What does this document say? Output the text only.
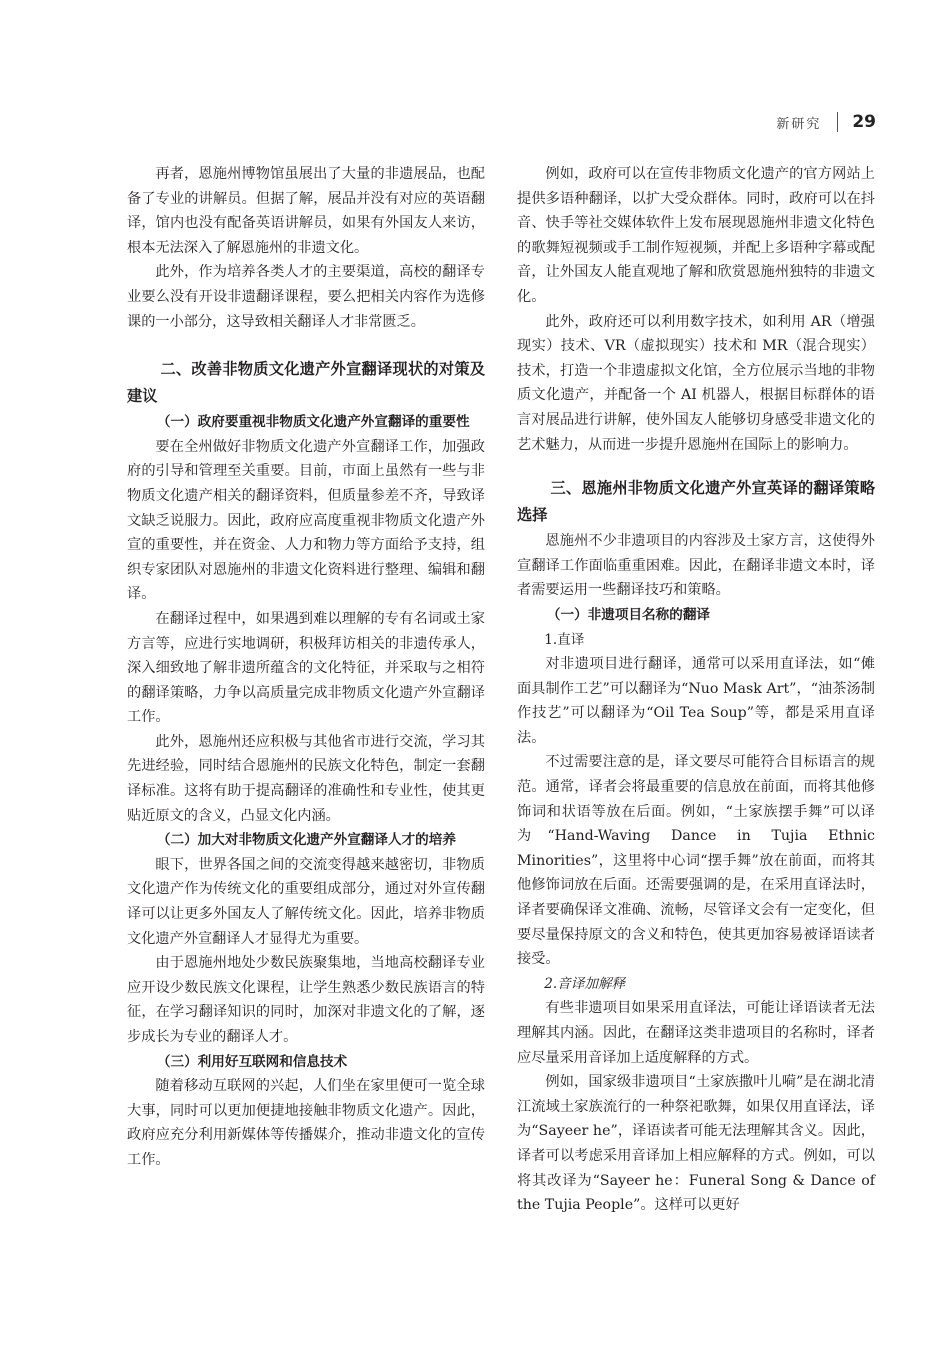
新研究 29

再者，恩施州博物馆虽展出了大量的非遗展品，也配备了专业的讲解员。但据了解，展品并没有对应的英语翻译，馆内也没有配备英语讲解员，如果有外国友人来访，根本无法深入了解恩施州的非遗文化。

此外，作为培养各类人才的主要渠道，高校的翻译专业要么没有开设非遗翻译课程，要么把相关内容作为选修课的一小部分，这导致相关翻译人才非常匮乏。

二、改善非物质文化遗产外宣翻译现状的对策及建议
（一）政府要重视非物质文化遗产外宣翻译的重要性

要在全州做好非物质文化遗产外宣翻译工作，加强政府的引导和管理至关重要。目前，市面上虽然有一些与非物质文化遗产相关的翻译资料，但质量参差不齐，导致译文缺乏说服力。因此，政府应高度重视非物质文化遗产外宣的重要性，并在资金、人力和物力等方面给予支持，组织专家团队对恩施州的非遗文化资料进行整理、编辑和翻译。

在翻译过程中，如果遇到难以理解的专有名词或土家方言等，应进行实地调研，积极拜访相关的非遗传承人，深入细致地了解非遗所蕴含的文化特征，并采取与之相符的翻译策略，力争以高质量完成非物质文化遗产外宣翻译工作。

此外，恩施州还应积极与其他省市进行交流，学习其先进经验，同时结合恩施州的民族文化特色，制定一套翻译标准。这将有助于提高翻译的准确性和专业性，使其更贴近原文的含义，凸显文化内涵。

（二）加大对非物质文化遗产外宣翻译人才的培养

眼下，世界各国之间的交流变得越来越密切，非物质文化遗产作为传统文化的重要组成部分，通过对外宣传翻译可以让更多外国友人了解传统文化。因此，培养非物质文化遗产外宣翻译人才显得尤为重要。

由于恩施州地处少数民族聚集地，当地高校翻译专业应开设少数民族文化课程，让学生熟悉少数民族语言的特征，在学习翻译知识的同时，加深对非遗文化的了解，逐步成长为专业的翻译人才。

（三）利用好互联网和信息技术

随着移动互联网的兴起，人们坐在家里便可一览全球大事，同时可以更加便捷地接触非物质文化遗产。因此，政府应充分利用新媒体等传播媒介，推动非遗文化的宣传工作。

例如，政府可以在宣传非物质文化遗产的官方网站上提供多语种翻译，以扩大受众群体。同时，政府可以在抖音、快手等社交媒体软件上发布展现恩施州非遗文化特色的歌舞短视频或手工制作短视频，并配上多语种字幕或配音，让外国友人能直观地了解和欣赏恩施州独特的非遗文化。

此外，政府还可以利用数字技术，如利用 AR（增强现实）技术、VR（虚拟现实）技术和 MR（混合现实）技术，打造一个非遗虚拟文化馆，全方位展示当地的非物质文化遗产，并配备一个 AI 机器人，根据目标群体的语言对展品进行讲解，使外国友人能够切身感受非遗文化的艺术魅力，从而进一步提升恩施州在国际上的影响力。

三、恩施州非物质文化遗产外宣英译的翻译策略选择

恩施州不少非遗项目的内容涉及土家方言，这使得外宣翻译工作面临重重困难。因此，在翻译非遗文本时，译者需要运用一些翻译技巧和策略。

（一）非遗项目名称的翻译
1.直译

对非遗项目进行翻译，通常可以采用直译法，如“傩面具制作工艺”可以翻译为“Nuo Mask Art”，“油茶汤制作技艺”可以翻译为“Oil Tea Soup”等，都是采用直译法。

不过需要注意的是，译文要尽可能符合目标语言的规范。通常，译者会将最重要的信息放在前面，而将其他修饰词和状语等放在后面。例如，“土家族摆手舞”可以译为“Hand-Waving Dance in Tujia Ethnic Minorities”，这里将中心词“摆手舞”放在前面，而将其他修饰词放在后面。还需要强调的是，在采用直译法时，译者要确保译文准确、流畅，尽管译文会有一定变化，但要尽量保持原文的含义和特色，使其更加容易被译语读者接受。

2.音译加解释

有些非遗项目如果采用直译法，可能让译语读者无法理解其内涵。因此，在翻译这类非遗项目的名称时，译者应尽量采用音译加上适度解释的方式。

例如，国家级非遗项目“土家族撒叶儿嗬”是在湖北清江流域土家族流行的一种祭祀歌舞，如果仅用直译法，译为“Sayeer he”，译语读者可能无法理解其含义。因此，译者可以考虑采用音译加上相应解释的方式。例如，可以将其改译为“Sayeer he：Funeral Song & Dance of the Tujia People”。这样可以更好
